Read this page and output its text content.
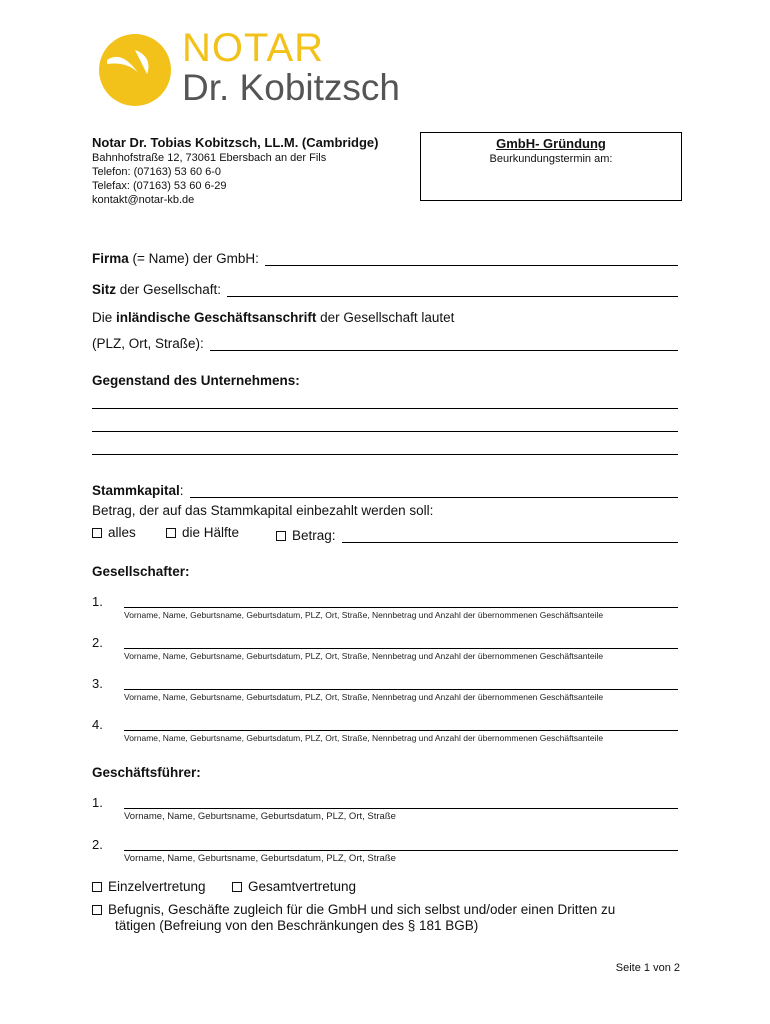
NOTAR
Dr. Kobitzsch
Notar Dr. Tobias Kobitzsch, LL.M. (Cambridge)
Bahnhofstraße 12, 73061 Ebersbach an der Fils
Telefon: (07163) 53 60 6-0
Telefax: (07163) 53 60 6-29
kontakt@notar-kb.de
GmbH- Gründung
Beurkundungstermin am:
Firma (= Name) der GmbH:
Sitz der Gesellschaft:
Die inländische Geschäftsanschrift der Gesellschaft lautet
(PLZ, Ort, Straße):
Gegenstand des Unternehmens:
Stammkapital:
Betrag, der auf das Stammkapital einbezahlt werden soll:
alles	die Hälfte	Betrag:
Gesellschafter:
1.
Vorname, Name, Geburtsname, Geburtsdatum, PLZ, Ort, Straße, Nennbetrag und Anzahl der übernommenen Geschäftsanteile
2.
Vorname, Name, Geburtsname, Geburtsdatum, PLZ, Ort, Straße, Nennbetrag und Anzahl der übernommenen Geschäftsanteile
3.
Vorname, Name, Geburtsname, Geburtsdatum, PLZ, Ort, Straße, Nennbetrag und Anzahl der übernommenen Geschäftsanteile
4.
Vorname, Name, Geburtsname, Geburtsdatum, PLZ, Ort, Straße, Nennbetrag und Anzahl der übernommenen Geschäftsanteile
Geschäftsführer:
1.
Vorname, Name, Geburtsname, Geburtsdatum, PLZ, Ort, Straße
2.
Vorname, Name, Geburtsname, Geburtsdatum, PLZ, Ort, Straße
Einzelvertretung	Gesamtvertretung
Befugnis, Geschäfte zugleich für die GmbH und sich selbst und/oder einen Dritten zu
tätigen (Befreiung von den Beschränkungen des § 181 BGB)
Seite 1 von 2
